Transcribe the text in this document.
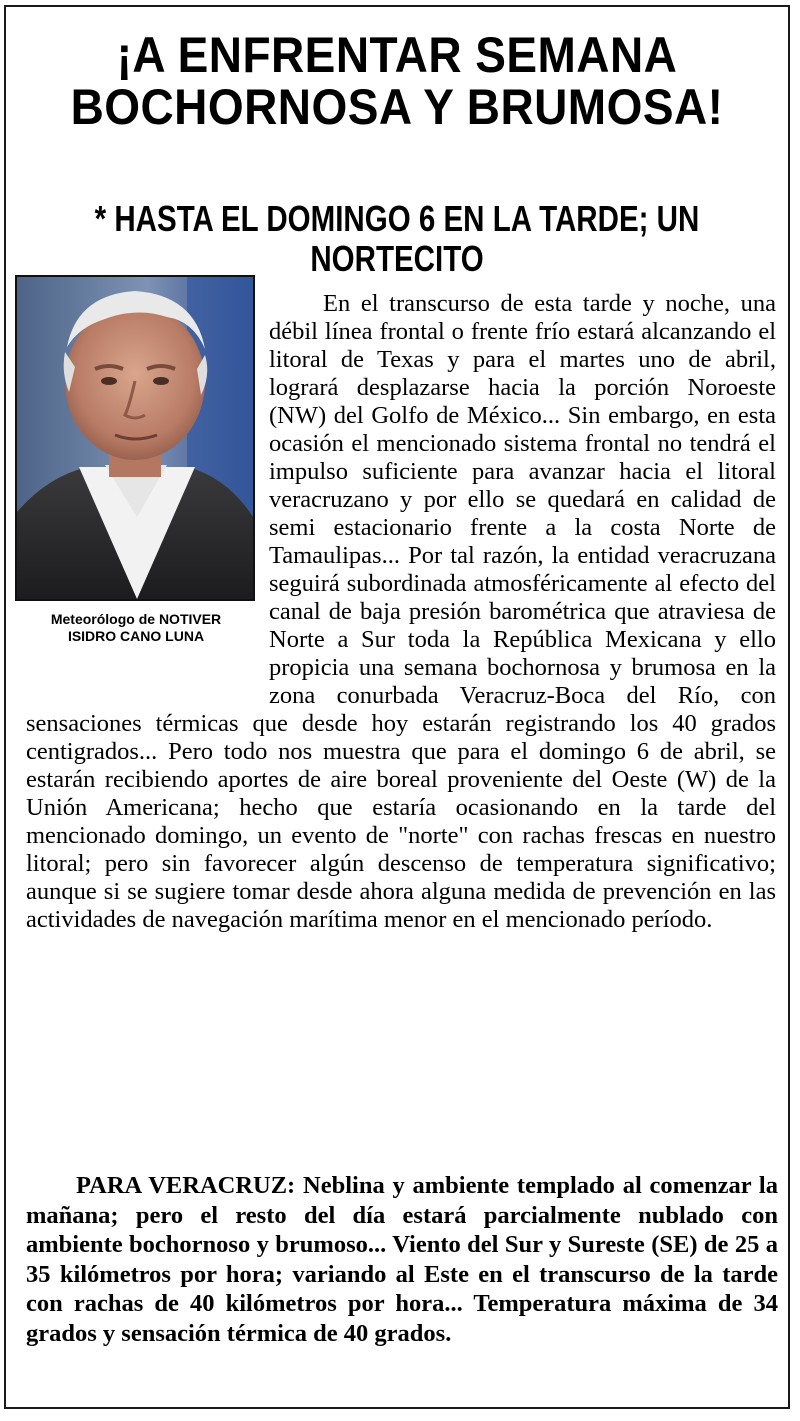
¡A ENFRENTAR SEMANA
BOCHORNOSA Y BRUMOSA!
* HASTA EL DOMINGO 6 EN LA TARDE; UN NORTECITO

Meteorólogo de NOTIVER
ISIDRO CANO LUNA

En el transcurso de esta tarde y noche, una débil línea frontal o frente frío estará alcanzando el litoral de Texas y para el martes uno de abril, logrará desplazarse hacia la porción Noroeste (NW) del Golfo de México... Sin embargo, en esta ocasión el mencionado sistema frontal no tendrá el impulso suficiente para avanzar hacia el litoral veracruzano y por ello se quedará en calidad de semi estacionario frente a la costa Norte de Tamaulipas... Por tal razón, la entidad veracruzana seguirá subordinada atmosféricamente al efecto del canal de baja presión barométrica que atraviesa de Norte a Sur toda la República Mexicana y ello propicia una semana bochornosa y brumosa en la zona conurbada Veracruz-Boca del Río, con sensaciones térmicas que desde hoy estarán registrando los 40 grados centigrados... Pero todo nos muestra que para el domingo 6 de abril, se estarán recibiendo aportes de aire boreal proveniente del Oeste (W) de la Unión Americana; hecho que estaría ocasionando en la tarde del mencionado domingo, un evento de "norte" con rachas frescas en nuestro litoral; pero sin favorecer algún descenso de temperatura significativo; aunque si se sugiere tomar desde ahora alguna medida de prevención en las actividades de navegación marítima menor en el mencionado período.

PARA VERACRUZ: Neblina y ambiente templado al comenzar la mañana; pero el resto del día estará parcialmente nublado con ambiente bochornoso y brumoso... Viento del Sur y Sureste (SE) de 25 a 35 kilómetros por hora; variando al Este en el transcurso de la tarde con rachas de 40 kilómetros por hora... Temperatura máxima de 34 grados y sensación térmica de 40 grados.
